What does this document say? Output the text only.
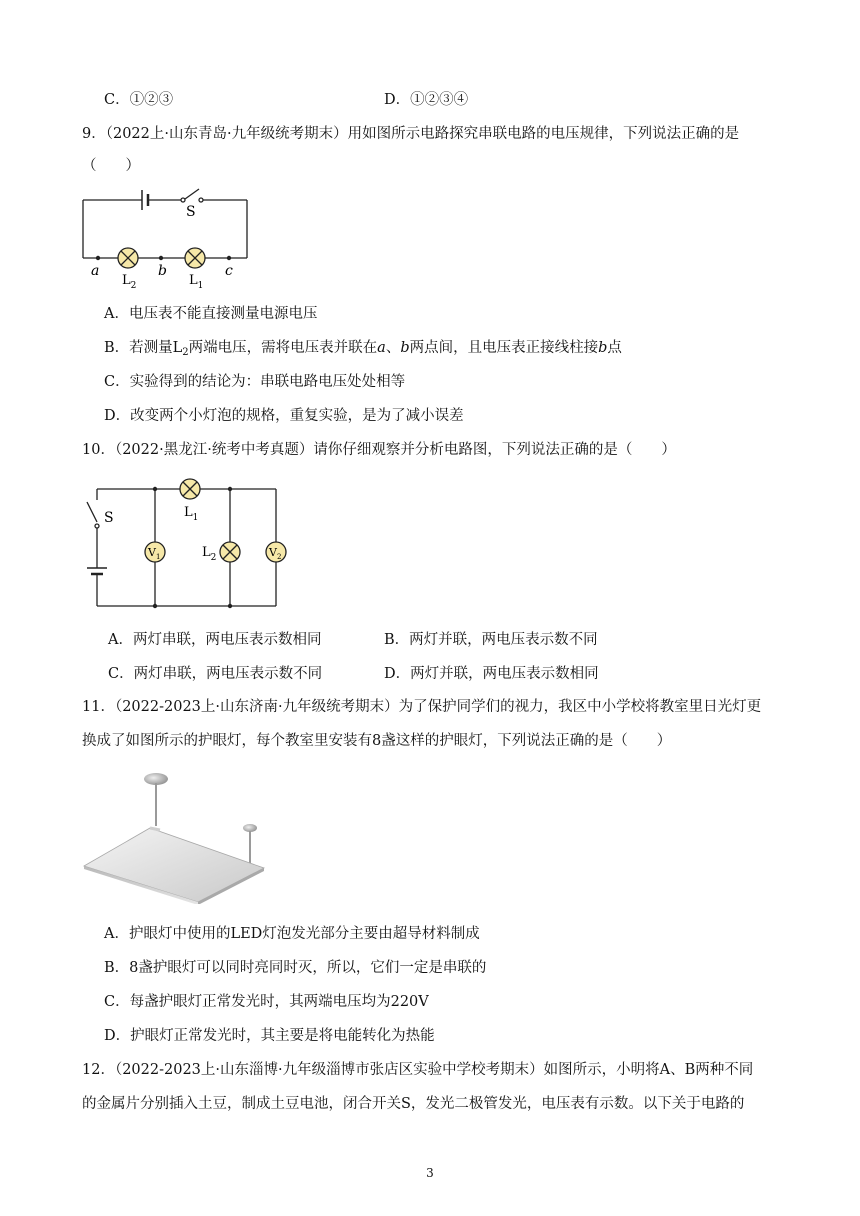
C．①②③	D．①②③④
9．（2022上·山东青岛·九年级统考期末）用如图所示电路探究串联电路的电压规律，下列说法正确的是
（　　）
S
a	b	c
$L_2$	$L_1$
A．电压表不能直接测量电源电压
B．若测量$L_2$两端电压，需将电压表并联在a、b两点间，且电压表正接线柱接b点
C．实验得到的结论为：串联电路电压处处相等
D．改变两个小灯泡的规格，重复实验，是为了减小误差
10．（2022·黑龙江·统考中考真题）请你仔细观察并分析电路图，下列说法正确的是（　　）
S	$L_1$
$L_2$
$V_1$	$V_2$
A．两灯串联，两电压表示数相同	B．两灯并联，两电压表示数不同
C．两灯串联，两电压表示数不同	D．两灯并联，两电压表示数相同
11．（2022-2023上·山东济南·九年级统考期末）为了保护同学们的视力，我区中小学校将教室里日光灯更
换成了如图所示的护眼灯，每个教室里安装有8盏这样的护眼灯，下列说法正确的是（　　）
A．护眼灯中使用的LED灯泡发光部分主要由超导材料制成
B．8盏护眼灯可以同时亮同时灭，所以，它们一定是串联的
C．每盏护眼灯正常发光时，其两端电压均为220V
D．护眼灯正常发光时，其主要是将电能转化为热能
12．（2022-2023上·山东淄博·九年级淄博市张店区实验中学校考期末）如图所示，小明将A、B两种不同
的金属片分别插入土豆，制成土豆电池，闭合开关S，发光二极管发光，电压表有示数。以下关于电路的
3
